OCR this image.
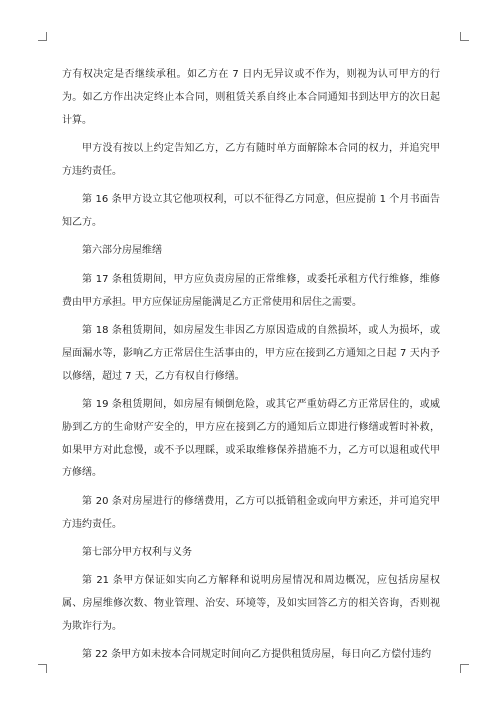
方有权决定是否继续承租。如乙方在 7 日内无异议或不作为，则视为认可甲方的行为。如乙方作出决定终止本合同，则租赁关系自终止本合同通知书到达甲方的次日起计算。

甲方没有按以上约定告知乙方，乙方有随时单方面解除本合同的权力，并追究甲方违约责任。

第 16 条甲方设立其它他项权利，可以不征得乙方同意，但应提前 1 个月书面告知乙方。

第六部分房屋维缮

第 17 条租赁期间，甲方应负责房屋的正常维修，或委托承租方代行维修，维修费由甲方承担。甲方应保证房屋能满足乙方正常使用和居住之需要。

第 18 条租赁期间，如房屋发生非因乙方原因造成的自然损坏，或人为损坏，或屋面漏水等，影响乙方正常居住生活事由的，甲方应在接到乙方通知之日起 7 天内予以修缮，超过 7 天，乙方有权自行修缮。

第 19 条租赁期间，如房屋有倾倒危险，或其它严重妨碍乙方正常居住的，或威胁到乙方的生命财产安全的，甲方应在接到乙方的通知后立即进行修缮或暂时补救，如果甲方对此怠慢，或不予以理睬，或采取维修保养措施不力，乙方可以退租或代甲方修缮。

第 20 条对房屋进行的修缮费用，乙方可以抵销租金或向甲方索还，并可追究甲方违约责任。

第七部分甲方权利与义务

第 21 条甲方保证如实向乙方解释和说明房屋情况和周边概况，应包括房屋权属、房屋维修次数、物业管理、治安、环境等，及如实回答乙方的相关咨询，否则视为欺诈行为。

第 22 条甲方如未按本合同规定时间向乙方提供租赁房屋，每日向乙方偿付违约
